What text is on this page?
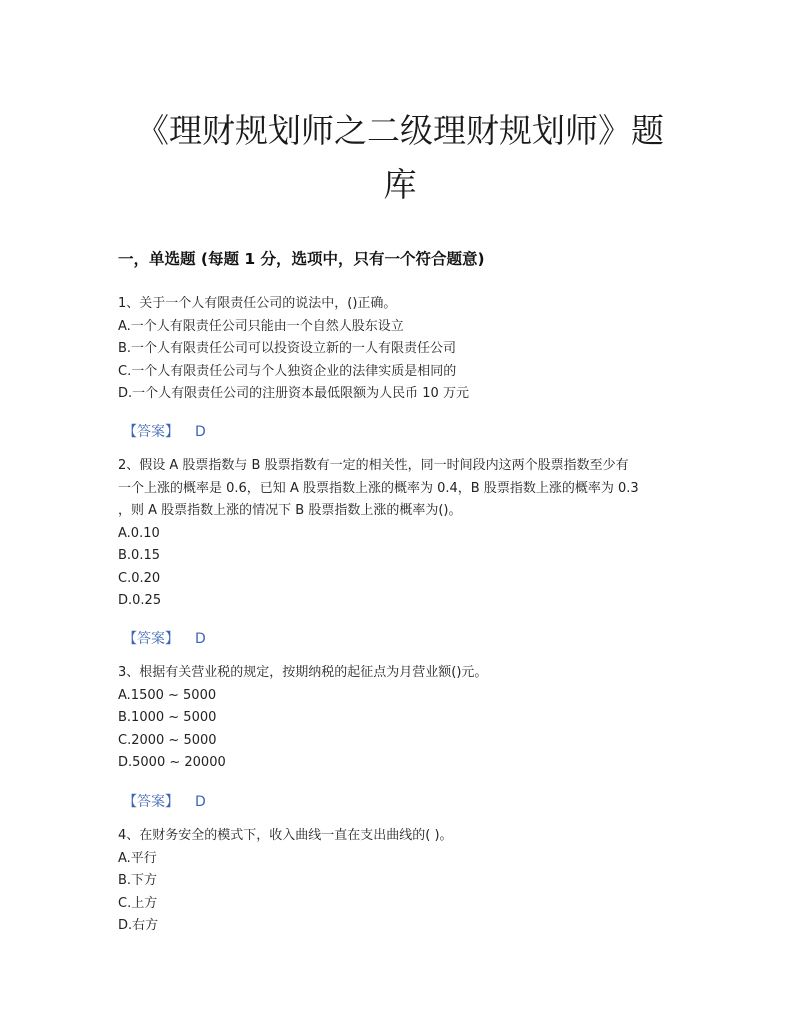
《理财规划师之二级理财规划师》题
库
一，单选题 (每题 1 分，选项中，只有一个符合题意)
1、关于一个人有限责任公司的说法中，()正确。
A.一个人有限责任公司只能由一个自然人股东设立
B.一个人有限责任公司可以投资设立新的一人有限责任公司
C.一个人有限责任公司与个人独资企业的法律实质是相同的
D.一个人有限责任公司的注册资本最低限额为人民币 10 万元
【答案】 D
2、假设 A 股票指数与 B 股票指数有一定的相关性，同一时间段内这两个股票指数至少有
一个上涨的概率是 0.6，已知 A 股票指数上涨的概率为 0.4，B 股票指数上涨的概率为 0.3
，则 A 股票指数上涨的情况下 B 股票指数上涨的概率为()。
A.0.10
B.0.15
C.0.20
D.0.25
【答案】 D
3、根据有关营业税的规定，按期纳税的起征点为月营业额()元。
A.1500 ~ 5000
B.1000 ~ 5000
C.2000 ~ 5000
D.5000 ~ 20000
【答案】 D
4、在财务安全的模式下，收入曲线一直在支出曲线的( )。
A.平行
B.下方
C.上方
D.右方
